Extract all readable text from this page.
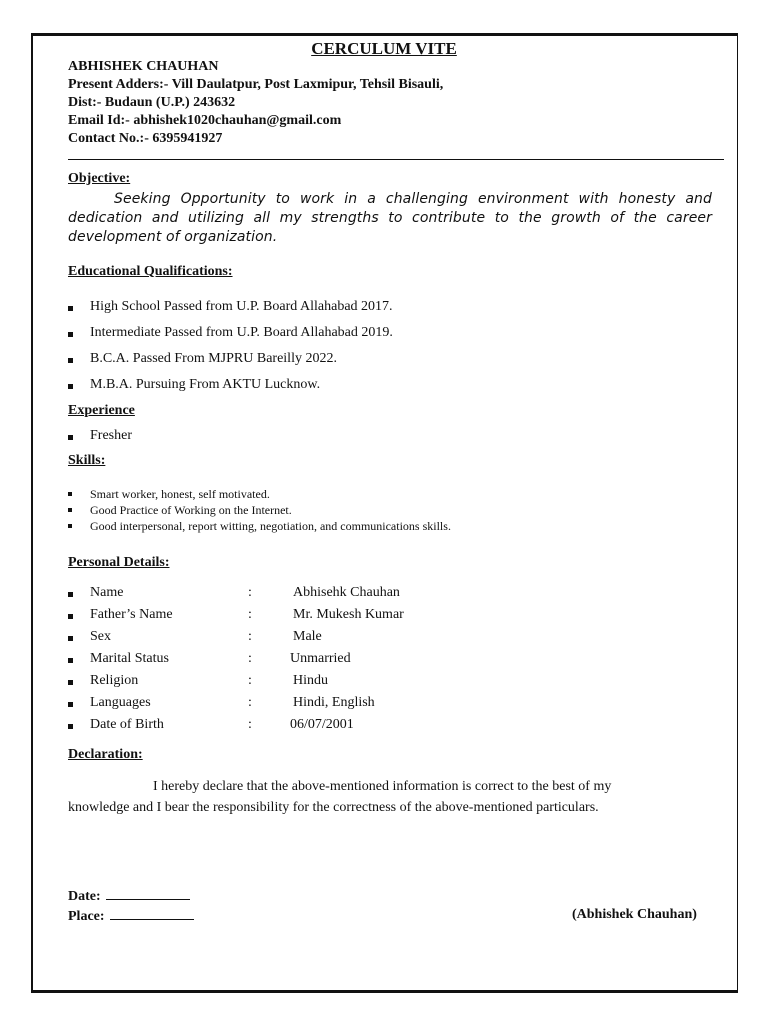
CERCULUM VITE
ABHISHEK CHAUHAN
Present Adders:- Vill Daulatpur, Post Laxmipur, Tehsil Bisauli,
Dist:- Budaun (U.P.) 243632
Email Id:- abhishek1020chauhan@gmail.com
Contact No.:- 6395941927
Objective:

Seeking Opportunity to work in a challenging environment with honesty and dedication and utilizing all my strengths to contribute to the growth of the career development of organization.

Educational Qualifications:
High School Passed from U.P. Board Allahabad 2017.
Intermediate Passed from U.P. Board Allahabad 2019.
B.C.A. Passed From MJPRU Bareilly 2022.
M.B.A. Pursuing From AKTU Lucknow.
Experience
Fresher
Skills:
Smart worker, honest, self motivated.
Good Practice of Working on the Internet.
Good interpersonal, report witting, negotiation, and communications skills.
Personal Details:
Name	:	Abhisehk Chauhan
Father’s Name	:	Mr. Mukesh Kumar
Sex	:	Male
Marital Status	:	Unmarried
Religion	:	Hindu
Languages	:	Hindi, English
Date of Birth	:	06/07/2001
Declaration:

I hereby declare that the above-mentioned information is correct to the best of my knowledge and I bear the responsibility for the correctness of the above-mentioned particulars.

Date:
Place:	(Abhishek Chauhan)
